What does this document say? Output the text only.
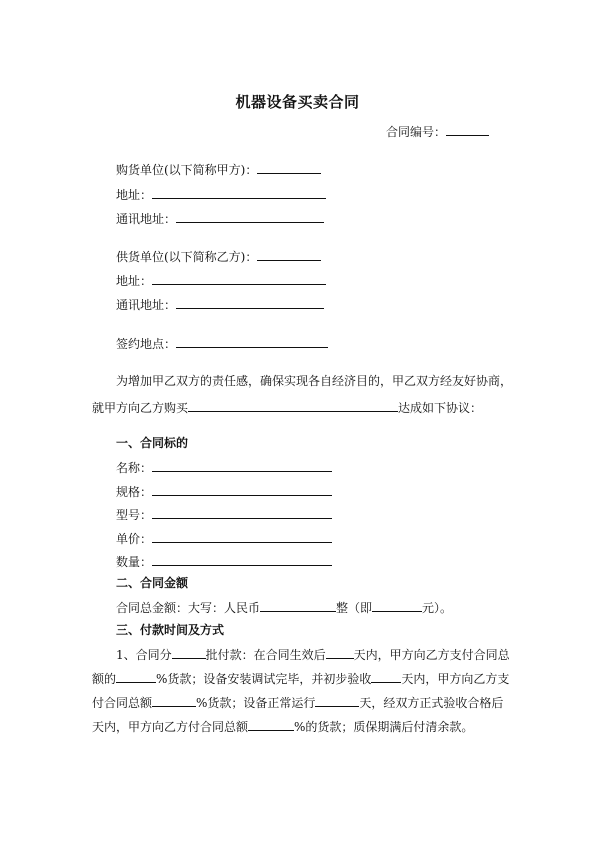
机器设备买卖合同
合同编号：
购货单位(以下简称甲方)：
地址：
通讯地址：
供货单位(以下简称乙方)：
地址：
通讯地址：
签约地点：
为增加甲乙双方的责任感，确保实现各自经济目的，甲乙双方经友好协商，
就甲方向乙方购买	达成如下协议：
一、合同标的
名称：
规格：
型号：
单价：
数量：
二、合同金额
合同总金额：大写：人民币	整（即	元）。
三、付款时间及方式
1、合同分	批付款：在合同生效后 天内，甲方向乙方支付合同总
额的	%货款；设备安装调试完毕，并初步验收	天内，甲方向乙方支
付合同总额	%货款；设备正常运行	天，经双方正式验收合格后
天内，甲方向乙方付合同总额	%的货款；质保期满后付清余款。
